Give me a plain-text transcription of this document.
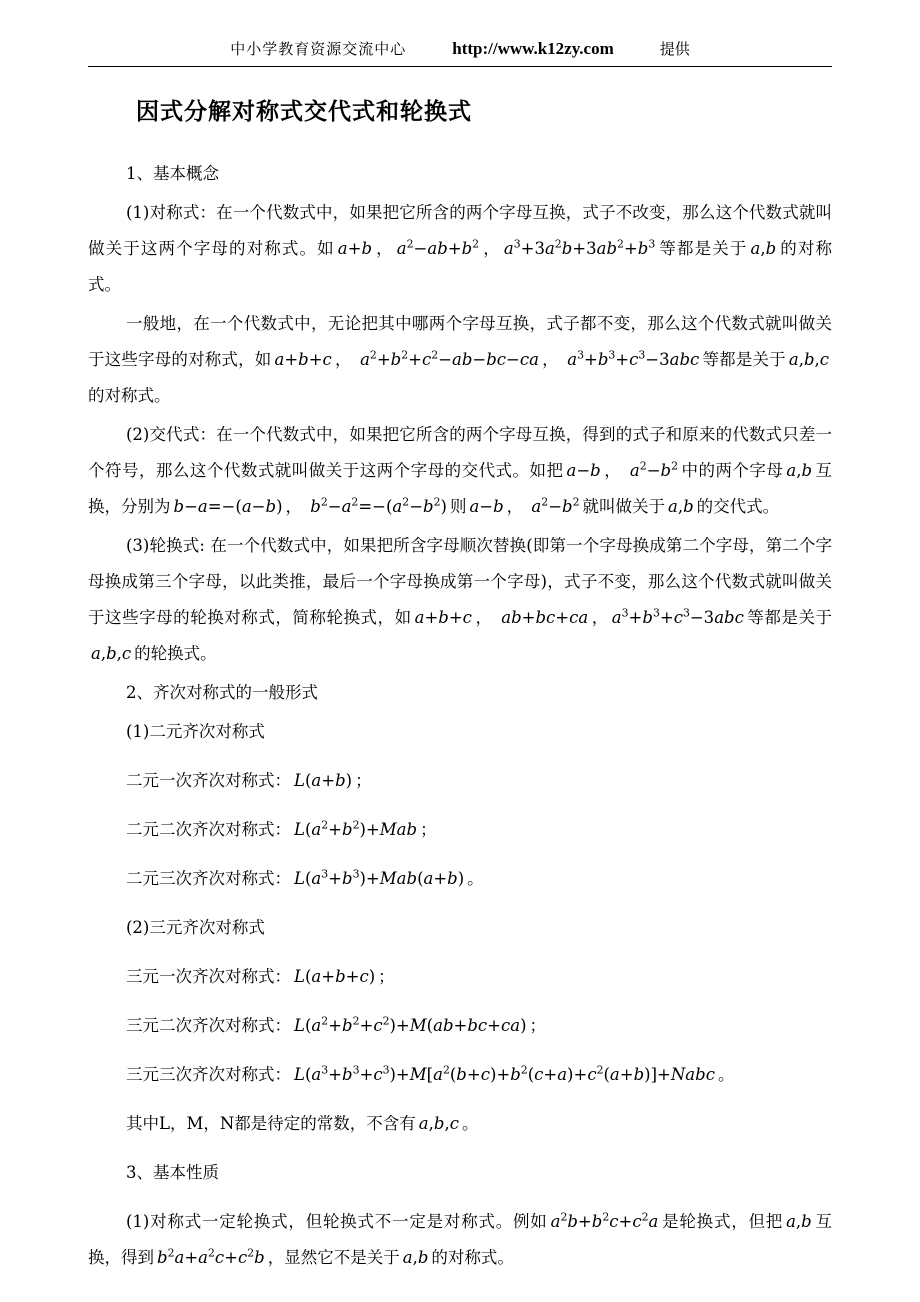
中小学教育资源交流中心	http://www.k12zy.com	提供
因式分解对称式交代式和轮换式

1、基本概念

(1)对称式：在一个代数式中，如果把它所含的两个字母互换，式子不改变，那么这个代数式就叫做关于这两个字母的对称式。如 a+b ， $a^2-ab+b^2$ ， $a^3+3a^2b+3ab^2+b^3$ 等都是关于 a,b 的对称式。

一般地，在一个代数式中，无论把其中哪两个字母互换，式子都不变，那么这个代数式就叫做关于这些字母的对称式，如 a+b+c ， $a^2+b^2+c^2-ab-bc-ca$ ， $a^3+b^3+c^3-3abc$ 等都是关于 a,b,c的对称式。

(2)交代式：在一个代数式中，如果把它所含的两个字母互换，得到的式子和原来的代数式只差一个符号，那么这个代数式就叫做关于这两个字母的交代式。如把 a−b ， $a^2-b^2$ 中的两个字母 a,b 互换，分别为 b−a=−(a−b) ， $b^2-a^2=-(a^2-b^2)$ 则 a−b ， $a^2-b^2$ 就叫做关于 a,b 的交代式。

(3)轮换式: 在一个代数式中，如果把所含字母顺次替换(即第一个字母换成第二个字母，第二个字母换成第三个字母，以此类推，最后一个字母换成第一个字母)，式子不变，那么这个代数式就叫做关于这些字母的轮换对称式，简称轮换式，如 a+b+c ， ab+bc+ca ， $a^3+b^3+c^3-3abc$ 等都是关于a,b,c 的轮换式。

2、齐次对称式的一般形式

(1)二元齐次对称式

二元一次齐次对称式： L(a+b) ；

二元二次齐次对称式： $L(a^2+b^2)+Mab$ ；

二元三次齐次对称式： $L(a^3+b^3)+Mab(a+b)$ 。

(2)三元齐次对称式

三元一次齐次对称式： L(a+b+c) ；

三元二次齐次对称式： $L(a^2+b^2+c^2)+M(ab+bc+ca)$ ；

三元三次齐次对称式： $L(a^3+b^3+c^3)+M[a^2(b+c)+b^2(c+a)+c^2(a+b)]+Nabc$ 。

其中L，M，N都是待定的常数，不含有 a,b,c 。

3、基本性质

(1)对称式一定轮换式，但轮换式不一定是对称式。例如 $a^2b+b^2c+c^2a$ 是轮换式，但把 a,b 互换，得到 $b^2a+a^2c+c^2b$ ，显然它不是关于 a,b 的对称式。
